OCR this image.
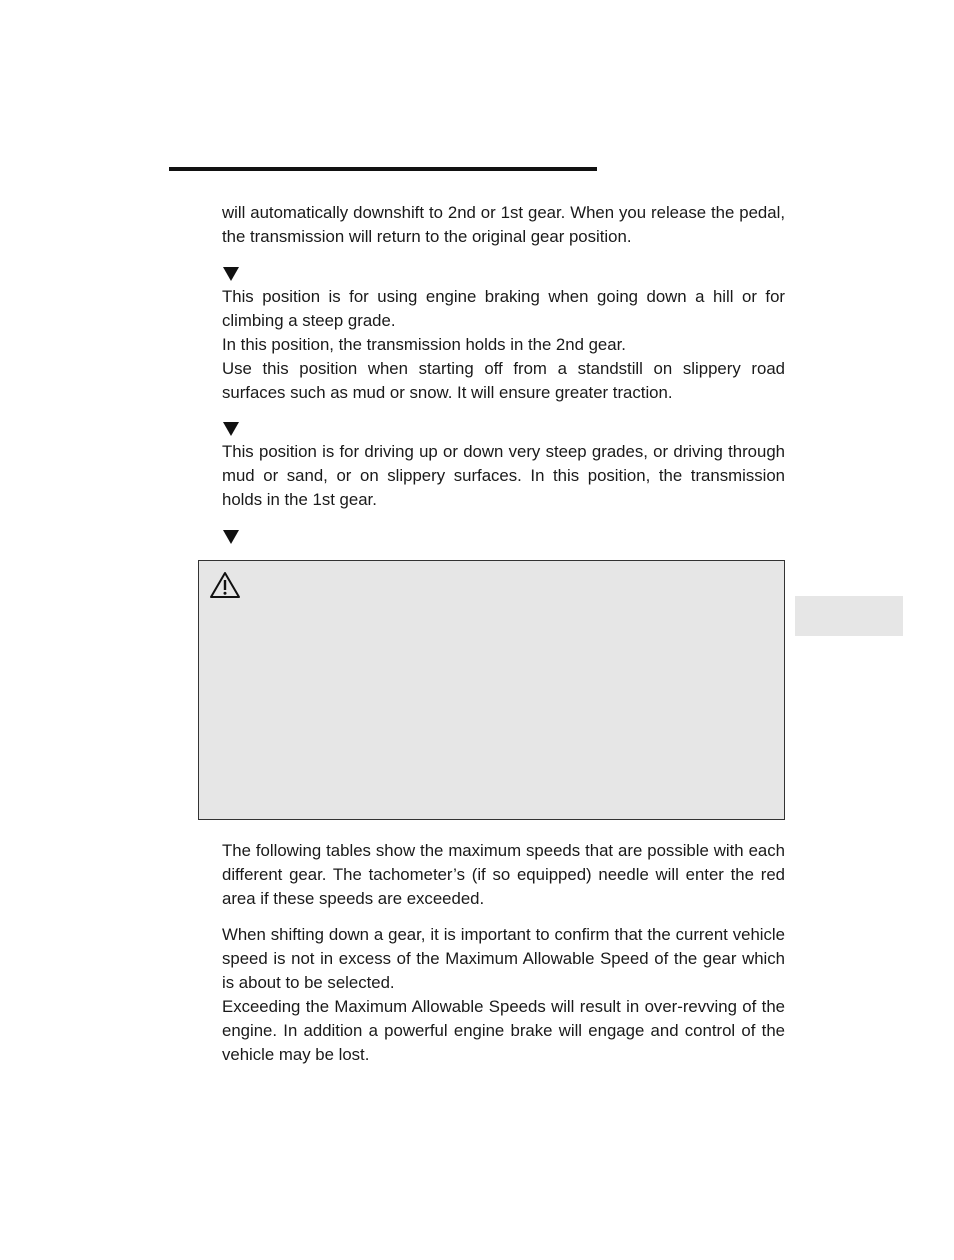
will automatically downshift to 2nd or 1st gear. When you release the pedal, the transmission will return to the original gear position.

This position is for using engine braking when going down a hill or for climbing a steep grade.

In this position, the transmission holds in the 2nd gear.

Use this position when starting off from a standstill on slippery road surfaces such as mud or snow. It will ensure greater traction.

This position is for driving up or down very steep grades, or driving through mud or sand, or on slippery surfaces. In this position, the transmission holds in the 1st gear.

The following tables show the maximum speeds that are possible with each different gear. The tachometer’s (if so equipped) needle will enter the red area if these speeds are exceeded.

When shifting down a gear, it is important to confirm that the current vehicle speed is not in excess of the Maximum Allowable Speed of the gear which is about to be selected.

Exceeding the Maximum Allowable Speeds will result in over-revving of the engine. In addition a powerful engine brake will engage and control of the vehicle may be lost.
